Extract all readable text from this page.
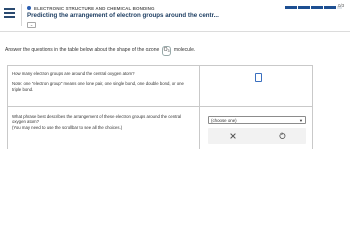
ELECTRONIC STRUCTURE AND CHEMICAL BONDING
Predicting the arrangement of electron groups around the centr...
⌄
0/3
Answer the questions in the table below about the shape of the ozone $O_3$ molecule.
How many electron groups are around the central oxygen atom?
Note: one "electron group" means one lone pair, one single bond, one double bond, or one triple bond.
What phrase best describes the arrangement of these electron groups around the central oxygen atom?
(You may need to use the scrollbar to see all the choices.)
(choose one)	▼
